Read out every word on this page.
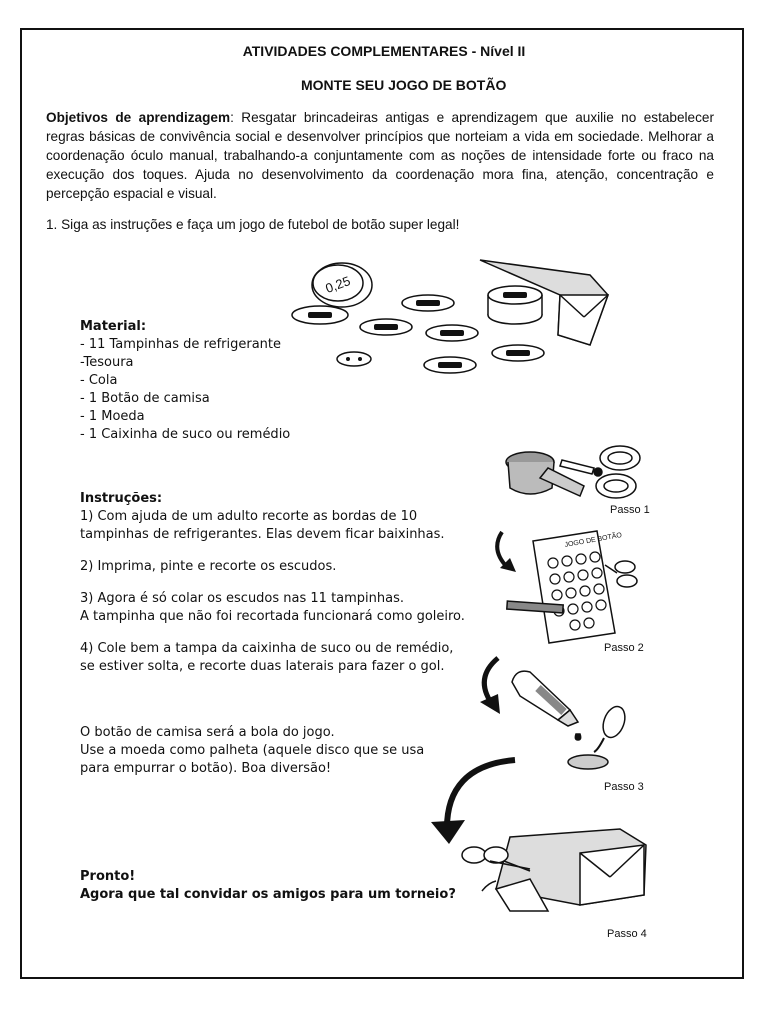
ATIVIDADES COMPLEMENTARES - Nível II
MONTE SEU JOGO DE BOTÃO
Objetivos de aprendizagem: Resgatar brincadeiras antigas e aprendizagem que auxilie no estabelecer regras básicas de convivência social e desenvolver princípios que norteiam a vida em sociedade. Melhorar a coordenação óculo manual, trabalhando-a conjuntamente com as noções de intensidade forte ou fraco na execução dos toques. Ajuda no desenvolvimento da coordenação mora fina, atenção, concentração e percepção espacial e visual.
1. Siga as instruções e faça um jogo de futebol de botão super legal!
Material:
- 11 Tampinhas de refrigerante
-Tesoura
- Cola
- 1 Botão de camisa
- 1 Moeda
- 1 Caixinha de suco ou remédio
0,25
Instruções:

1) Com ajuda de um adulto recorte as bordas de 10
tampinhas de refrigerantes. Elas devem ficar baixinhas.

2) Imprima, pinte e recorte os escudos.

3) Agora é só colar os escudos nas 11 tampinhas.
A tampinha que não foi recortada funcionará como goleiro.

4) Cole bem a tampa da caixinha de suco ou de remédio,
se estiver solta, e recorte duas laterais para fazer o gol.

O botão de camisa será a bola do jogo.
Use a moeda como palheta (aquele disco que se usa
para empurrar o botão). Boa diversão!
Pronto!
Agora que tal convidar os amigos para um torneio?
Passo 1
JOGO DE BOTÃO
Passo 2
Passo 3
Passo 4
